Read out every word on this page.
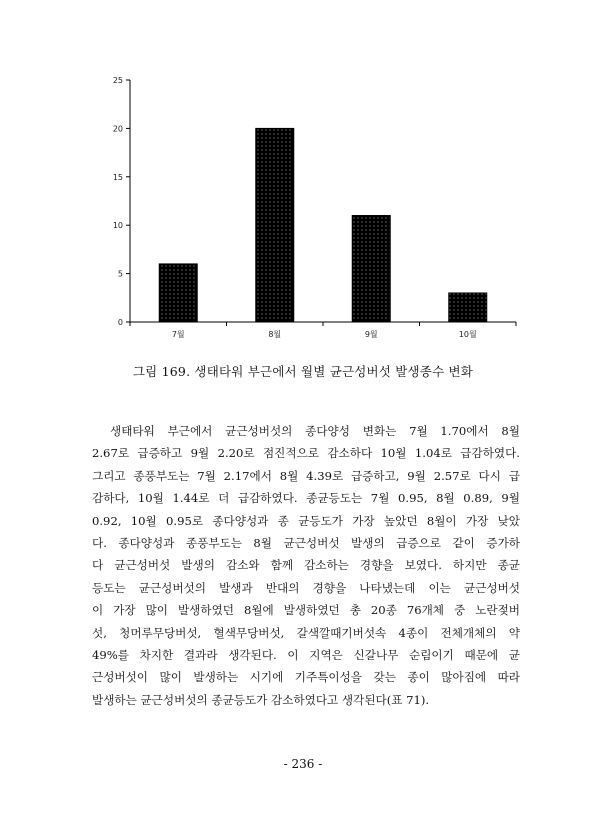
0
5
10
15
20
25
7월	8월	9월	10월
그림 169. 생태타워 부근에서 월별 균근성버섯 발생종수 변화

생태타워 부근에서 균근성버섯의 종다양성 변화는 7월 1.70에서 8월
2.67로 급증하고 9월 2.20로 점진적으로 감소하다 10월 1.04로 급감하였다.
그리고 종풍부도는 7월 2.17에서 8월 4.39로 급증하고, 9월 2.57로 다시 급
감하다, 10월 1.44로 더 급감하였다. 종균등도는 7월 0.95, 8월 0.89, 9월
0.92, 10월 0.95로 종다양성과 종 균등도가 가장 높았던 8월이 가장 낮았
다. 종다양성과 종풍부도는 8월 균근성버섯 발생의 급증으로 같이 증가하
다 균근성버섯 발생의 감소와 함께 감소하는 경향을 보였다. 하지만 종균
등도는 균근성버섯의 발생과 반대의 경향을 나타냈는데 이는 균근성버섯
이 가장 많이 발생하였던 8월에 발생하였던 총 20종 76개체 중 노란젖버
섯, 청머루무당버섯, 혈색무당버섯, 갈색깔때기버섯속 4종이 전체개체의 약
49%를 차지한 결과라 생각된다. 이 지역은 신갈나무 순림이기 때문에 균
근성버섯이 많이 발생하는 시기에 기주특이성을 갖는 종이 많아짐에 따라
발생하는 균근성버섯의 종균등도가 감소하였다고 생각된다(표 71).

- 236 -
